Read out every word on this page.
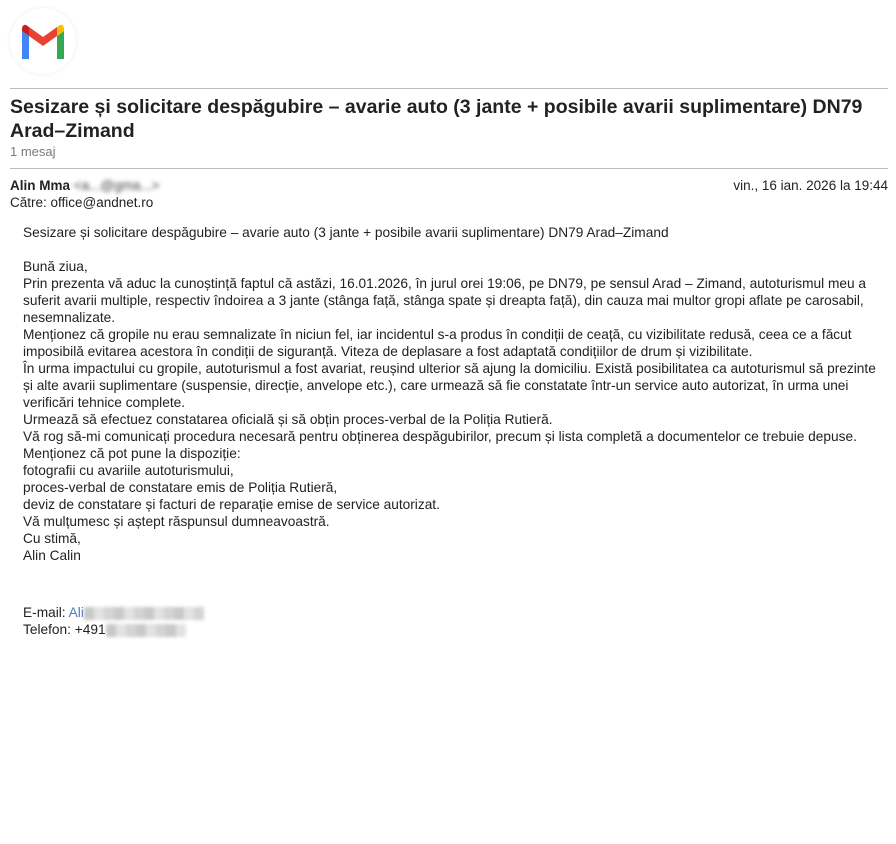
Sesizare și solicitare despăgubire – avarie auto (3 jante + posibile avarii suplimentare) DN79 Arad–Zimand
1 mesaj
Alin Mma <a...@gma...>	vin., 16 ian. 2026 la 19:44
Către: office@andnet.ro

Sesizare și solicitare despăgubire – avarie auto (3 jante + posibile avarii suplimentare) DN79 Arad–Zimand

Bună ziua,

Prin prezenta vă aduc la cunoștință faptul că astăzi, 16.01.2026, în jurul orei 19:06, pe DN79, pe sensul Arad – Zimand, autoturismul meu a suferit avarii multiple, respectiv îndoirea a 3 jante (stânga față, stânga spate și dreapta față), din cauza mai multor gropi aflate pe carosabil, nesemnalizate.

Menționez că gropile nu erau semnalizate în niciun fel, iar incidentul s-a produs în condiții de ceață, cu vizibilitate redusă, ceea ce a făcut imposibilă evitarea acestora în condiții de siguranță. Viteza de deplasare a fost adaptată condițiilor de drum și vizibilitate.

În urma impactului cu gropile, autoturismul a fost avariat, reușind ulterior să ajung la domiciliu. Există posibilitatea ca autoturismul să prezinte și alte avarii suplimentare (suspensie, direcție, anvelope etc.), care urmează să fie constatate într-un service auto autorizat, în urma unei verificări tehnice complete.

Urmează să efectuez constatarea oficială și să obțin proces-verbal de la Poliția Rutieră.

Vă rog să-mi comunicați procedura necesară pentru obținerea despăgubirilor, precum și lista completă a documentelor ce trebuie depuse.

Menționez că pot pune la dispoziție:

fotografii cu avariile autoturismului,

proces-verbal de constatare emis de Poliția Rutieră,

deviz de constatare și facturi de reparație emise de service autorizat.

Vă mulțumesc și aștept răspunsul dumneavoastră.

Cu stimă,

Alin Calin

E-mail: Ali

Telefon: +491
